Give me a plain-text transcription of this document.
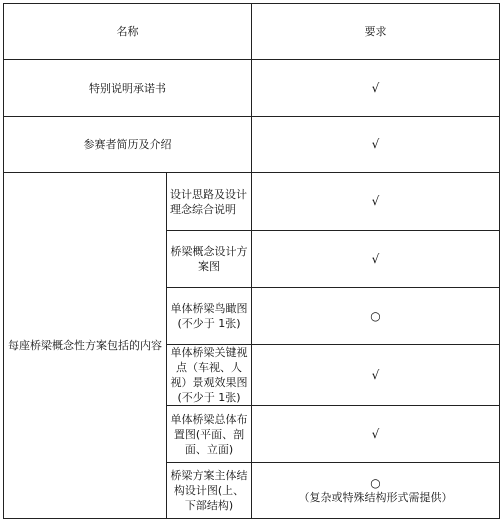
名称		要求
特别说明承诺书		√
参赛者简历及介绍		√
每座桥梁概念性方案包括的内容	设计思路及设计理念综合说明	√
	桥梁概念设计方案图	√
	单体桥梁鸟瞰图(不少于 1张)	○
	单体桥梁关键视点（车视、人视）景观效果图(不少于 1张)	√
	单体桥梁总体布置图(平面、剖面、立面)	√
	桥梁方案主体结构设计图(上、下部结构)	○
（复杂或特殊结构形式需提供）
